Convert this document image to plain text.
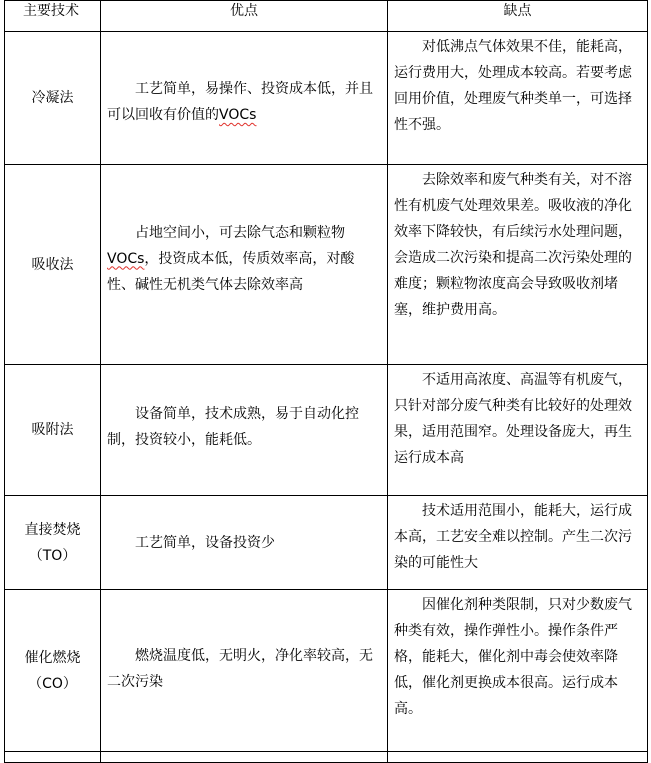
主要技术	优点	缺点
冷凝法	工艺简单，易操作、投资成本低，并且可以回收有价值的VOCs	对低沸点气体效果不佳，能耗高，运行费用大，处理成本较高。若要考虑回用价值，处理废气种类单一，可选择性不强。

吸收法	占地空间小，可去除气态和颗粒物VOCs，投资成本低，传质效率高，对酸性、碱性无机类气体去除效率高	去除效率和废气种类有关，对不溶性有机废气处理效果差。吸收液的净化效率下降较快，有后续污水处理问题，会造成二次污染和提高二次污染处理的难度；颗粒物浓度高会导致吸收剂堵塞，维护费用高。

吸附法	设备简单，技术成熟，易于自动化控制，投资较小，能耗低。	不适用高浓度、高温等有机废气，只针对部分废气种类有比较好的处理效果，适用范围窄。处理设备庞大，再生运行成本高

直接焚烧
（TO）	工艺简单，设备投资少	技术适用范围小，能耗大，运行成本高，工艺安全难以控制。产生二次污染的可能性大

催化燃烧
（CO）	燃烧温度低，无明火，净化率较高，无二次污染	因催化剂种类限制，只对少数废气种类有效，操作弹性小。操作条件严格，能耗大，催化剂中毒会使效率降低，催化剂更换成本很高。运行成本高。
